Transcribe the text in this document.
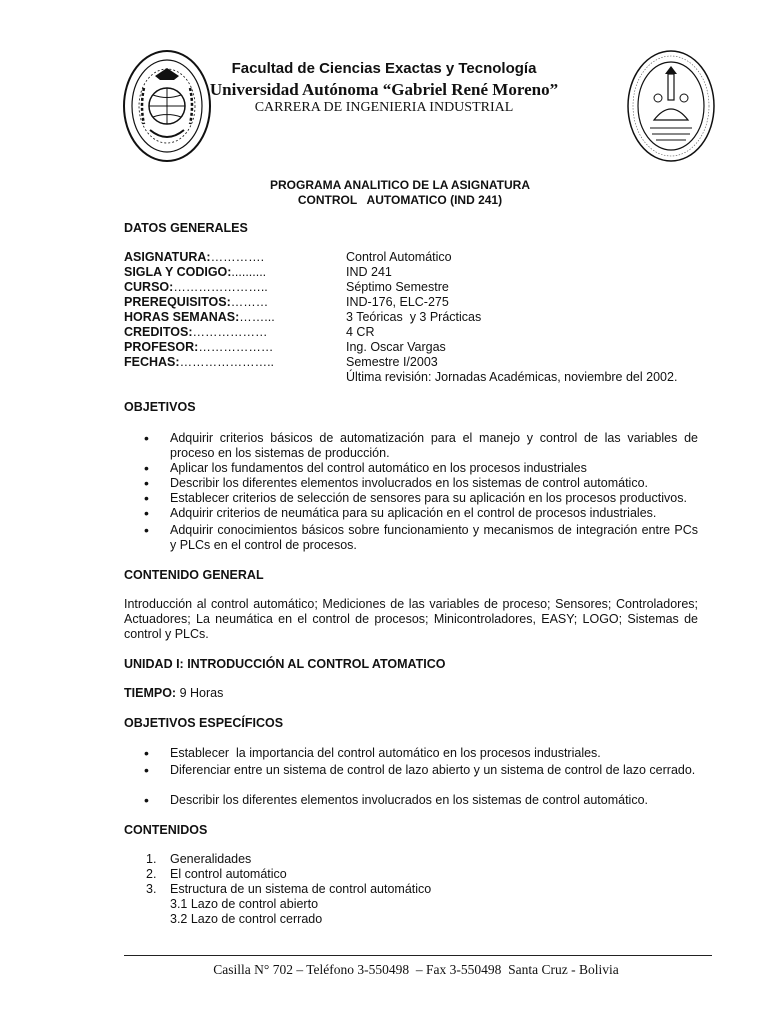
Facultad de Ciencias Exactas y Tecnología
Universidad Autónoma “Gabriel René Moreno”
CARRERA DE INGENIERIA INDUSTRIAL
PROGRAMA ANALITICO DE LA ASIGNATURA
CONTROL   AUTOMATICO (IND 241)
DATOS GENERALES
ASIGNATURA:………….	Control Automático
SIGLA Y CODIGO:..........	IND 241
CURSO:…………………..	Séptimo Semestre
PREREQUISITOS:………	IND-176, ELC-275
HORAS SEMANAS:……...	3 Teóricas  y 3 Prácticas
CREDITOS:………………	4 CR
PROFESOR:………………	Ing. Oscar Vargas
FECHAS:…………………..	Semestre I/2003
Última revisión: Jornadas Académicas, noviembre del 2002.
OBJETIVOS
• Adquirir criterios básicos de automatización para el manejo y control de las variables de proceso en los sistemas de producción.
• Aplicar los fundamentos del control automático en los procesos industriales
• Describir los diferentes elementos involucrados en los sistemas de control automático.
• Establecer criterios de selección de sensores para su aplicación en los procesos productivos.
• Adquirir criterios de neumática para su aplicación en el control de procesos industriales.
• Adquirir conocimientos básicos sobre funcionamiento y mecanismos de integración entre PCs y PLCs en el control de procesos.
CONTENIDO GENERAL
Introducción al control automático; Mediciones de las variables de proceso; Sensores; Controladores; Actuadores; La neumática en el control de procesos; Minicontroladores, EASY; LOGO; Sistemas de control y PLCs.
UNIDAD I: INTRODUCCIÓN AL CONTROL ATOMATICO
TIEMPO: 9 Horas
OBJETIVOS ESPECÍFICOS
• Establecer  la importancia del control automático en los procesos industriales.
• Diferenciar entre un sistema de control de lazo abierto y un sistema de control de lazo cerrado.
• Describir los diferentes elementos involucrados en los sistemas de control automático.
CONTENIDOS
1. Generalidades
2. El control automático
3. Estructura de un sistema de control automático
3.1 Lazo de control abierto
3.2 Lazo de control cerrado
Casilla N° 702 – Teléfono 3-550498  – Fax 3-550498  Santa Cruz - Bolivia
